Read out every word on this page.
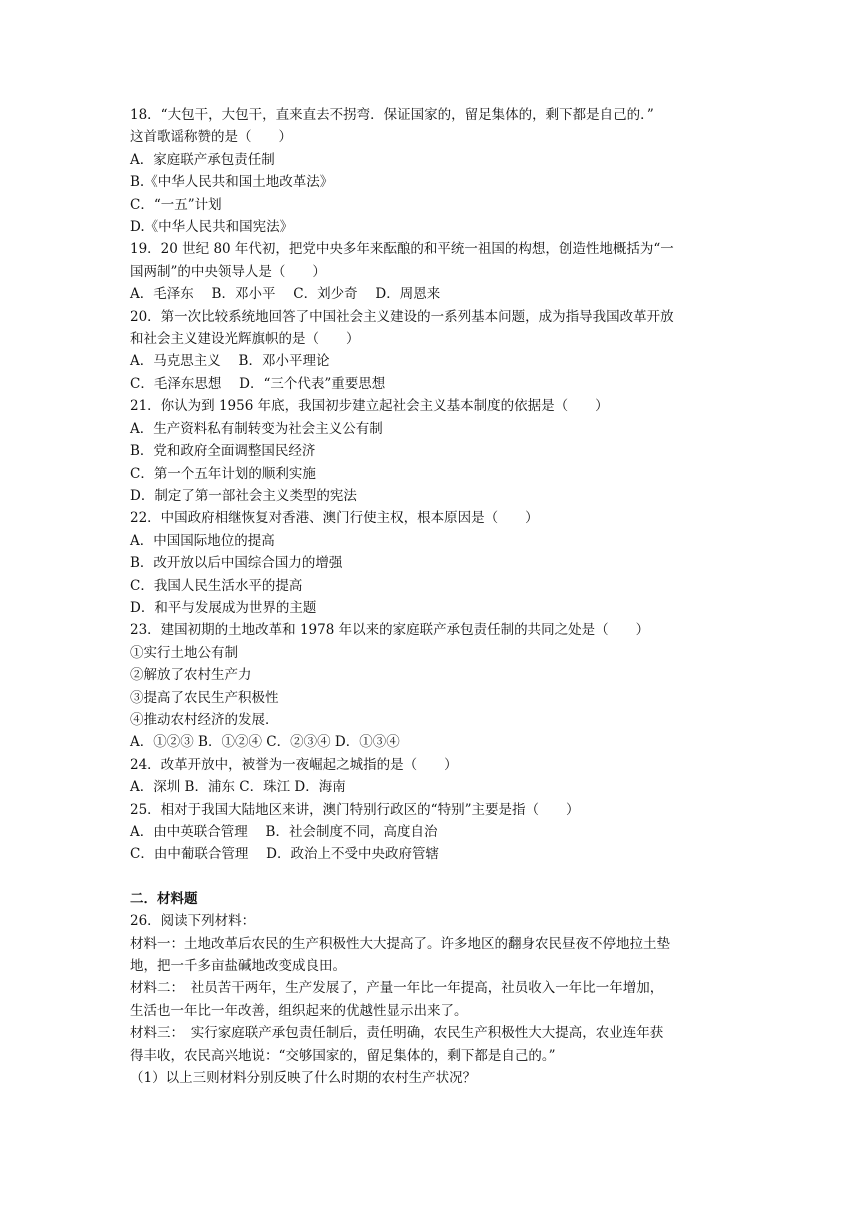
18．“大包干，大包干，直来直去不拐弯．保证国家的，留足集体的，剩下都是自己的．”
这首歌谣称赞的是（　　）
A．家庭联产承包责任制
B.《中华人民共和国土地改革法》
C．“一五”计划
D.《中华人民共和国宪法》
19．20 世纪 80 年代初，把党中央多年来酝酿的和平统一祖国的构想，创造性地概括为“一
国两制”的中央领导人是（　　）
A．毛泽东　 B．邓小平　 C．刘少奇　 D．周恩来
20．第一次比较系统地回答了中国社会主义建设的一系列基本问题，成为指导我国改革开放
和社会主义建设光辉旗帜的是（　　）
A．马克思主义　 B．邓小平理论
C．毛泽东思想　 D．“三个代表”重要思想
21．你认为到 1956 年底，我国初步建立起社会主义基本制度的依据是（　　）
A．生产资料私有制转变为社会主义公有制
B．党和政府全面调整国民经济
C．第一个五年计划的顺利实施
D．制定了第一部社会主义类型的宪法
22．中国政府相继恢复对香港、澳门行使主权，根本原因是（　　）
A．中国国际地位的提高
B．改开放以后中国综合国力的增强
C．我国人民生活水平的提高
D．和平与发展成为世界的主题
23．建国初期的土地改革和 1978 年以来的家庭联产承包责任制的共同之处是（　　）
①实行土地公有制
②解放了农村生产力
③提高了农民生产积极性
④推动农村经济的发展．
A．①②③ B．①②④ C．②③④ D．①③④
24．改革开放中，被誉为一夜崛起之城指的是（　　）
A．深圳 B．浦东 C．珠江 D．海南
25．相对于我国大陆地区来讲，澳门特别行政区的“特别”主要是指（　　）
A．由中英联合管理　 B．社会制度不同，高度自治
C．由中葡联合管理　 D．政治上不受中央政府管辖
二．材料题
26．阅读下列材料：
材料一：土地改革后农民的生产积极性大大提高了。许多地区的翻身农民昼夜不停地拉土垫
地，把一千多亩盐碱地改变成良田。
材料二：　社员苦干两年，生产发展了，产量一年比一年提高，社员收入一年比一年增加，
生活也一年比一年改善，组织起来的优越性显示出来了。
材料三：　实行家庭联产承包责任制后，责任明确，农民生产积极性大大提高，农业连年获
得丰收，农民高兴地说：“交够国家的，留足集体的，剩下都是自己的。”
（1）以上三则材料分别反映了什么时期的农村生产状况？
